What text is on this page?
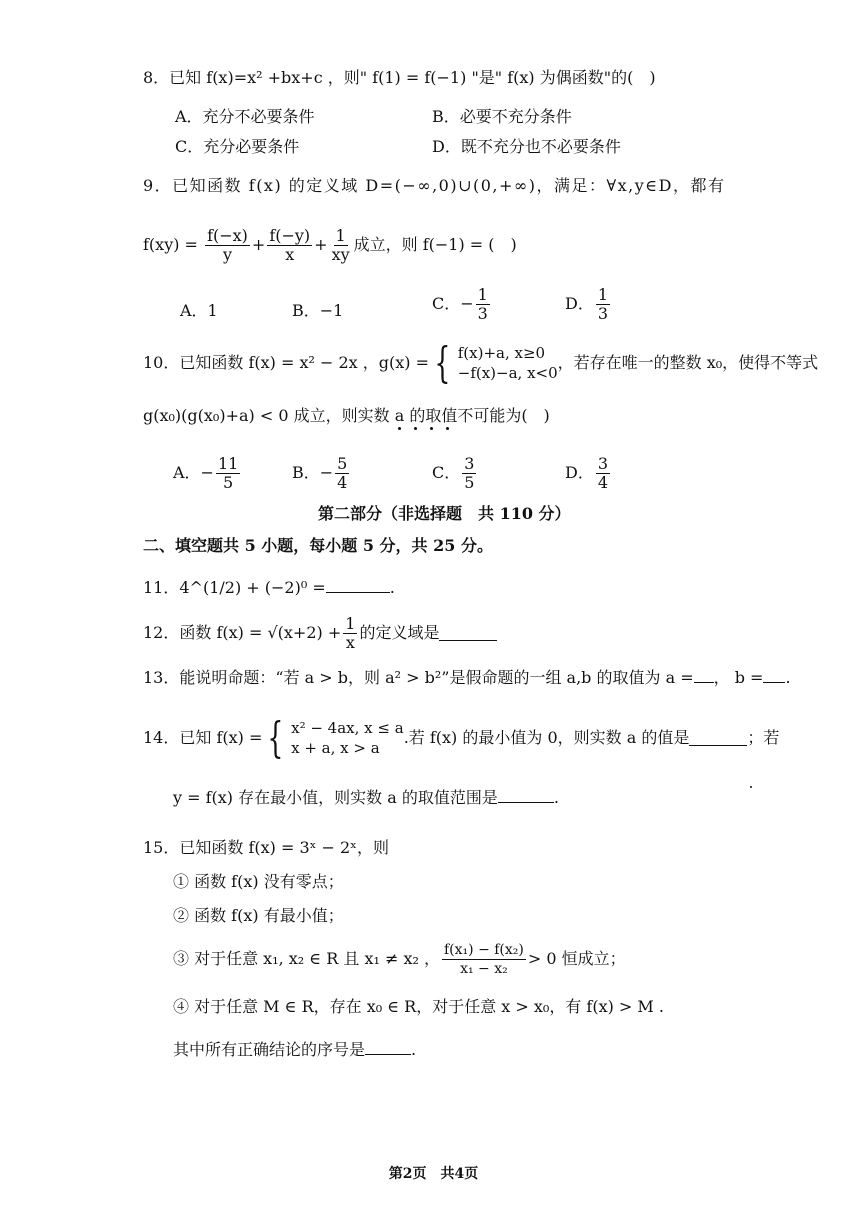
8．已知 f(x)=x² +bx+c ，则" f(1) = f(−1) "是" f(x) 为偶函数"的(　)
A．充分不必要条件	B．必要不充分条件
C．充分必要条件	D．既不充分也不必要条件
9．已知函数 f(x) 的定义域 D=(−∞,0)∪(0,+∞)，满足：∀x,y∈D，都有
$f(xy) = \frac{f(-x)}{y} + \frac{f(-y)}{x} + \frac{1}{xy}$ 成立，则 f(−1) = (　)
A．1	B．−1	C．− $\frac{1}{3}$	D． $\frac{1}{3}$
10．已知函数 f(x) = x² − 2x ，g(x) = { f(x)+a, x≥0
−f(x)−a, x<0
，若存在唯一的整数 x₀，使得不等式
g(x₀)(g(x₀)+a) < 0 成立，则实数 a 的取值不可能为(　)
A．− $\frac{11}{5}$	B．− $\frac{5}{4}$	C． $\frac{3}{5}$	D． $\frac{3}{4}$
第二部分（非选择题　共 110 分）
二、填空题共 5 小题，每小题 5 分，共 25 分。
11．4^(1/2) + (−2)⁰ =	.
12．函数 $f(x) = √(x+2) + \frac{1}{x}$ 的定义域是
13．能说明命题：“若 a > b，则 a² > b²”是假命题的一组 a,b 的取值为 a = ， b = .
14．已知 f(x) = { x² − 4ax, x ≤ a
x + a, x > a
.若 f(x) 的最小值为 0，则实数 a 的值是	；若
y = f(x) 存在最小值，则实数 a 的取值范围是	.
15．已知函数 f(x) = 3ˣ − 2ˣ，则
① 函数 f(x) 没有零点；
② 函数 f(x) 有最小值；
③ 对于任意 x₁, x₂ ∈ R 且 x₁ ≠ x₂ ， $\frac{\text{f(x₁) − f(x₂)}}{\text{x₁ − x₂}} > 0$ 恒成立；
④ 对于任意 M ∈ R，存在 x₀ ∈ R，对于任意 x > x₀，有 f(x) > M .
其中所有正确结论的序号是	.
第2页　共4页
